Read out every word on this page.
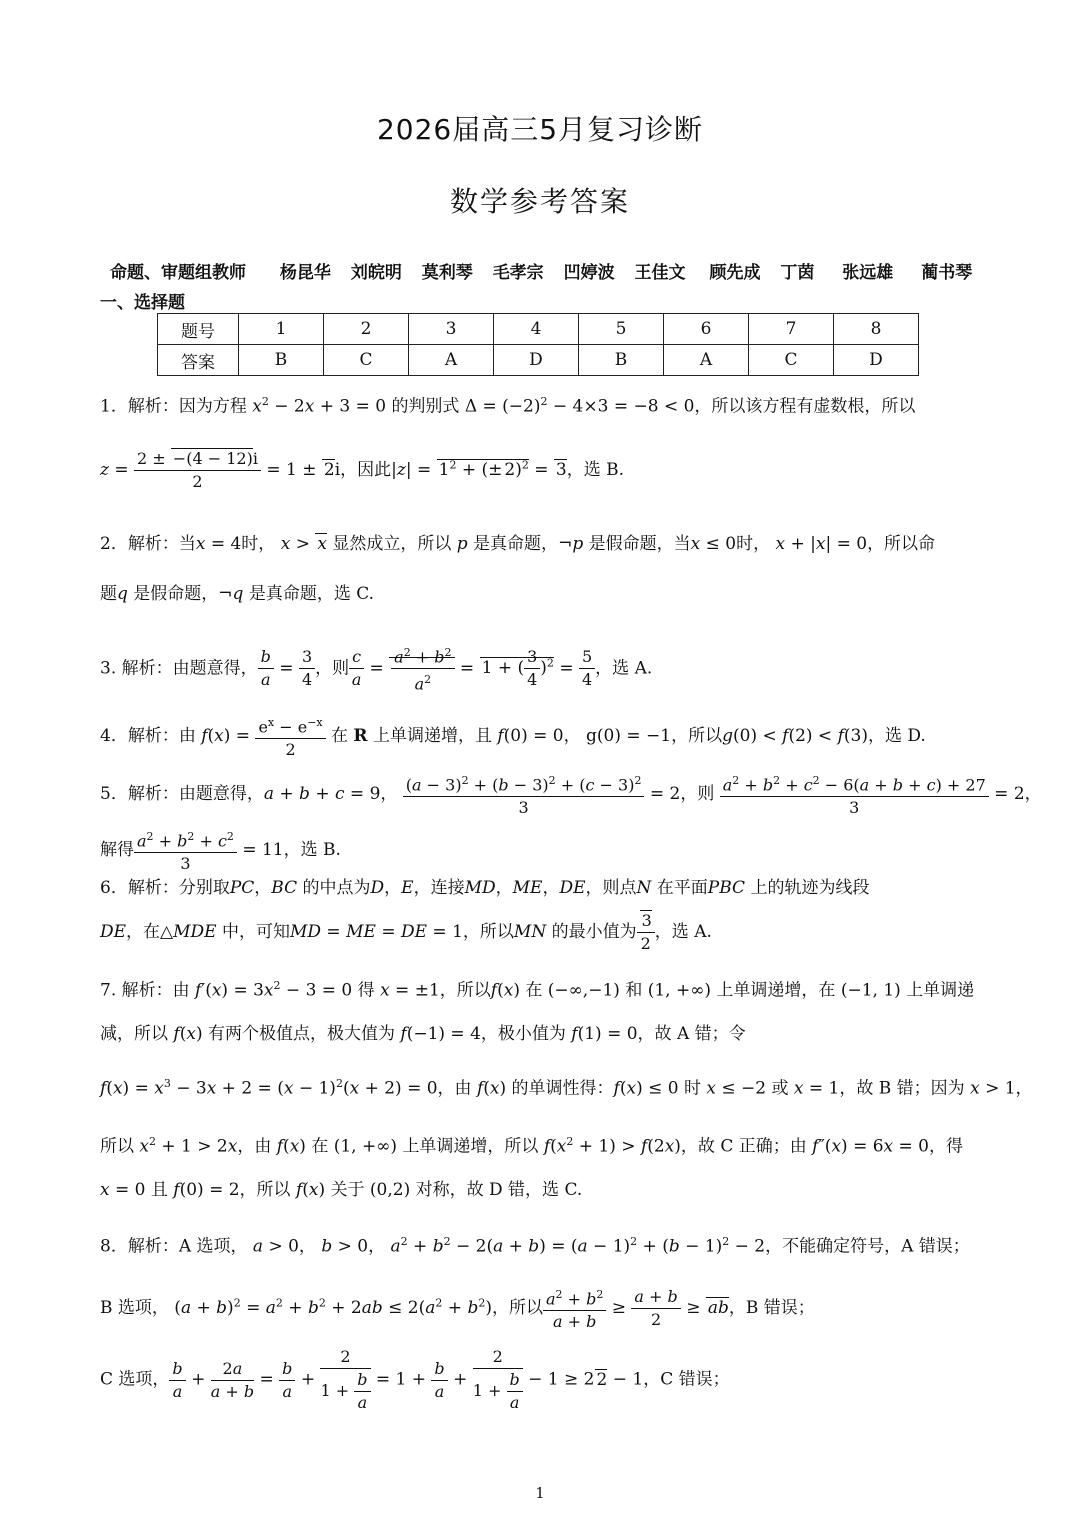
2026届高三5月复习诊断
数学参考答案
命题、审题组教师 杨昆华 刘皖明 莫利琴 毛孝宗 凹婷波 王佳文 顾先成 丁茵 张远雄 蔺书琴
一、选择题
题号	1	2	3	4	5	6	7	8
答案	B	C	A	D	B	A	C	D
1．解析：因为方程 $x^2 - 2x + 3 = 0$ 的判别式 $\Delta = (-2)^2 - 4\times 3 = -8 < 0$，所以该方程有虚数根，所以
$z = \frac{2 \pm -(4 - 12)i}{2} = 1 \pm 2i$，因此$|z| = 1^2$ + (± 2)$^2$ = 3，选 B.
2．解析：当x = 4时， x > x 显然成立，所以 p 是真命题，¬p 是假命题，当x ≤ 0时， x + |x| = 0，所以命
题q 是假命题，¬q 是真命题，选 C.
3. 解析：由题意得， $\frac{b}{a} = \frac{3}{4}$ ，则 $\frac{c}{a} = \frac{a^2 + b^2}{a^2} = 1$ + ( $\frac{3}{4} )^2 = \frac{5}{4}$ ，选 A.
4．解析：由 $f(x) = \frac{e^x - e^{-x}}{2}$ 在 R 上单调递增，且 f(0) = 0， g(0) = −1，所以g(0) < f(2) < f(3)，选 D.
5．解析：由题意得，a + b + c = 9， $\frac{(a - 3)^2 + (b - 3)^2 + (c - 3)^2}{3} = 2$，则 $\frac{a^2 + b^2 + c^2 - 6(a + b + c) + 27}{3} = 2$，
解得 $\frac{a^2 + b^2 + c^2}{3} = 11$，选 B.
6．解析：分别取PC，BC 的中点为D，E，连接MD，ME，DE，则点N 在平面PBC 上的轨迹为线段
DE，在△MDE 中，可知MD = ME = DE = 1，所以MN 的最小值为 $\frac{3}{2}$ ，选 A.
7. 解析：由 $f'(x) = 3x^2 - 3 = 0$ 得 x = ±1，所以f(x) 在 (−∞,−1) 和 (1, +∞) 上单调递增，在 (−1, 1) 上单调递
减，所以 f(x) 有两个极值点，极大值为 f(−1) = 4，极小值为 f(1) = 0，故 A 错；令
$f(x) = x^3 - 3x + 2 = (x - 1)^2(x + 2) = 0$，由 f(x) 的单调性得：f(x) ≤ 0 时 x ≤ −2 或 x = 1，故 B 错；因为 x > 1，
所以 $x^2 + 1 > 2x$，由 f(x) 在 (1, +∞) 上单调递增，所以 $f(x^2 + 1) > f(2x)$，故 C 正确；由 f″(x) = 6x = 0，得
x = 0 且 f(0) = 2，所以 f(x) 关于 (0,2) 对称，故 D 错，选 C.
8．解析：A 选项， a > 0， b > 0， $a^2 + b^2 - 2(a + b) = (a - 1)^2 + (b - 1)^2 - 2$，不能确定符号，A 错误；
B 选项， $(a + b)^2 = a^2 + b^2 + 2ab \le 2(a^2 + b^2)$，所以 $\frac{a^2 + b^2}{a + b} \ge \frac{a + b}{2}$ ≥ ab，B 错误；
C 选项， $\frac{b}{a} + \frac{2a}{a + b} = \frac{b}{a} + \frac{2}{1 + \frac{b}{a}} = 1 + \frac{b}{a} + \frac{2}{1 + \frac{b}{a}} - 1 \ge 2$ 2 − 1，C 错误；
1
